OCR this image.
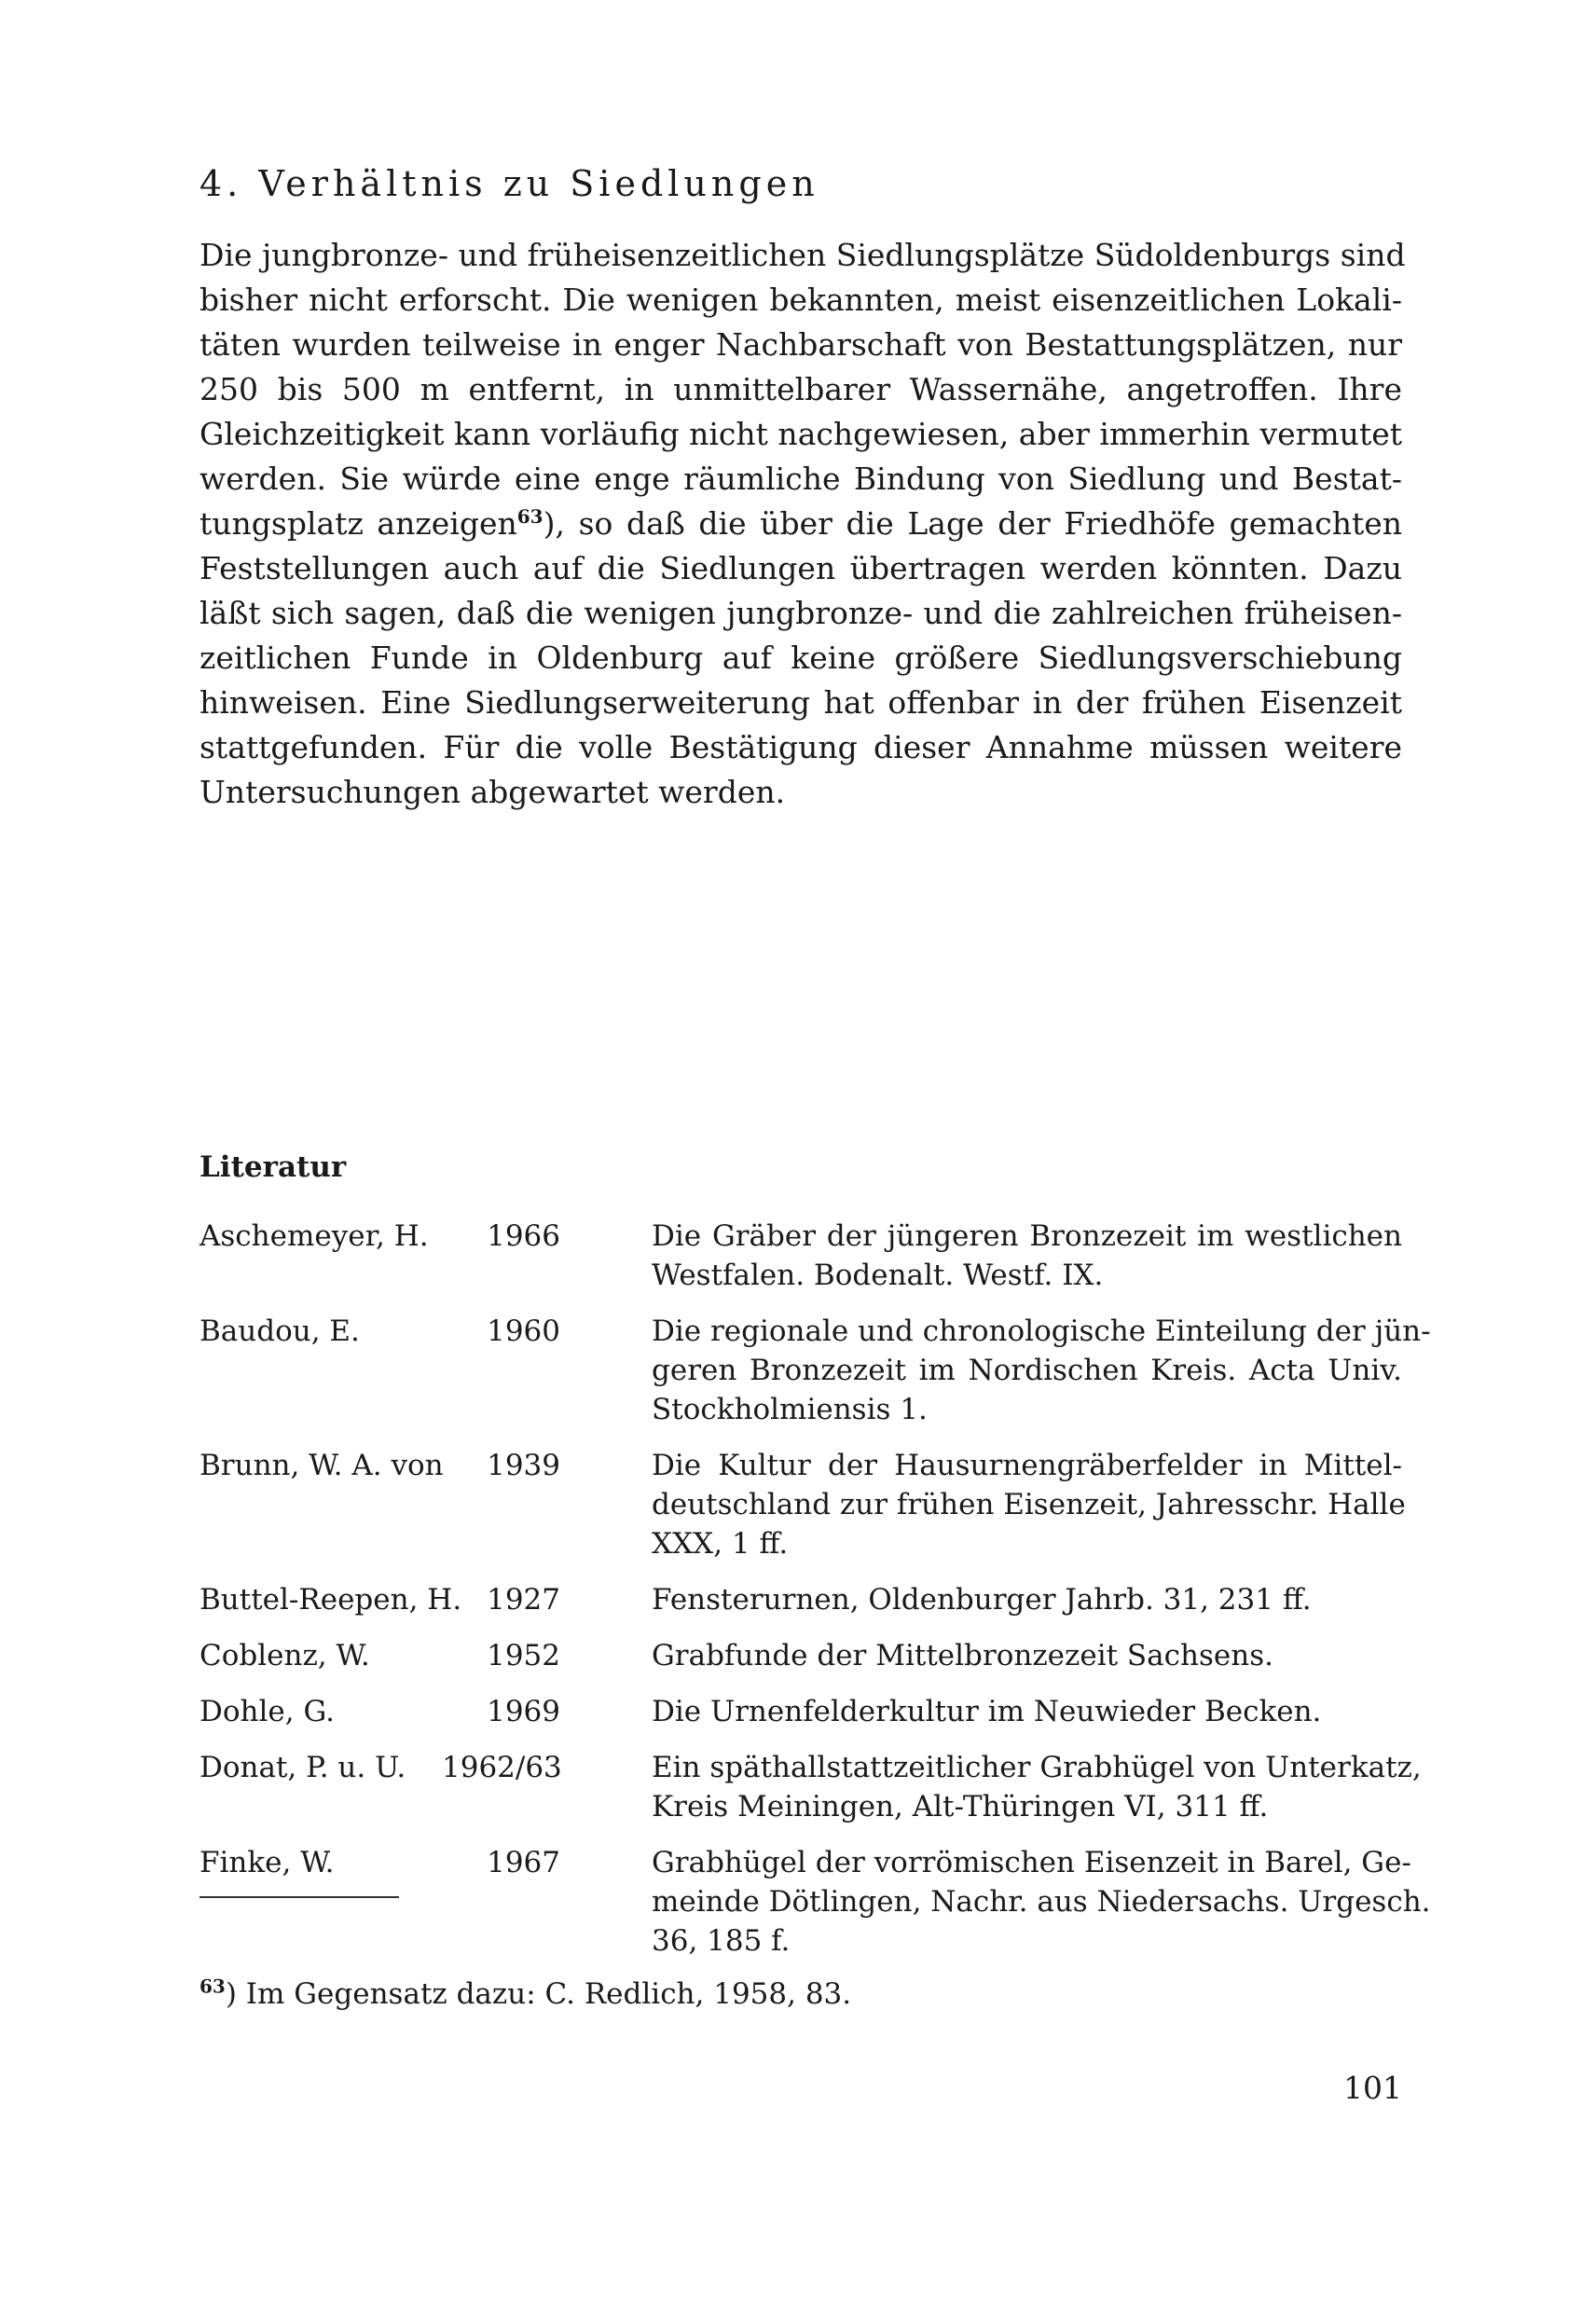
4. Verhältnis zu Siedlungen
Die jungbronze- und früheisenzeitlichen Siedlungsplätze Südoldenburgs sind
bisher nicht erforscht. Die wenigen bekannten, meist eisenzeitlichen Lokali-
täten wurden teilweise in enger Nachbarschaft von Bestattungsplätzen, nur
250 bis 500 m entfernt, in unmittelbarer Wassernähe, angetroffen. Ihre
Gleichzeitigkeit kann vorläufig nicht nachgewiesen, aber immerhin vermutet
werden. Sie würde eine enge räumliche Bindung von Siedlung und Bestat-
tungsplatz anzeigen$^{63}$), so daß die über die Lage der Friedhöfe gemachten
Feststellungen auch auf die Siedlungen übertragen werden könnten. Dazu
läßt sich sagen, daß die wenigen jungbronze- und die zahlreichen früheisen-
zeitlichen Funde in Oldenburg auf keine größere Siedlungsverschiebung
hinweisen. Eine Siedlungserweiterung hat offenbar in der frühen Eisenzeit
stattgefunden. Für die volle Bestätigung dieser Annahme müssen weitere
Untersuchungen abgewartet werden.
Literatur
Aschemeyer, H.	1966	Die Gräber der jüngeren Bronzezeit im westlichen
Westfalen. Bodenalt. Westf. IX.
Baudou, E.	1960	Die regionale und chronologische Einteilung der jün-
geren Bronzezeit im Nordischen Kreis. Acta Univ.
Stockholmiensis 1.
Brunn, W. A. von	1939	Die Kultur der Hausurnengräberfelder in Mittel-
deutschland zur frühen Eisenzeit, Jahresschr. Halle
XXX, 1 ff.
Buttel-Reepen, H. 1927	Fensterurnen, Oldenburger Jahrb. 31, 231 ff.
Coblenz, W.	1952	Grabfunde der Mittelbronzezeit Sachsens.
Dohle, G.	1969	Die Urnenfelderkultur im Neuwieder Becken.
Donat, P. u. U. 1962/63	Ein späthallstattzeitlicher Grabhügel von Unterkatz,
Kreis Meiningen, Alt-Thüringen VI, 311 ff.
Finke, W.	1967	Grabhügel der vorrömischen Eisenzeit in Barel, Ge-
meinde Dötlingen, Nachr. aus Niedersachs. Urgesch.
36, 185 f.
$^{63}$) Im Gegensatz dazu: C. Redlich, 1958, 83.
101
